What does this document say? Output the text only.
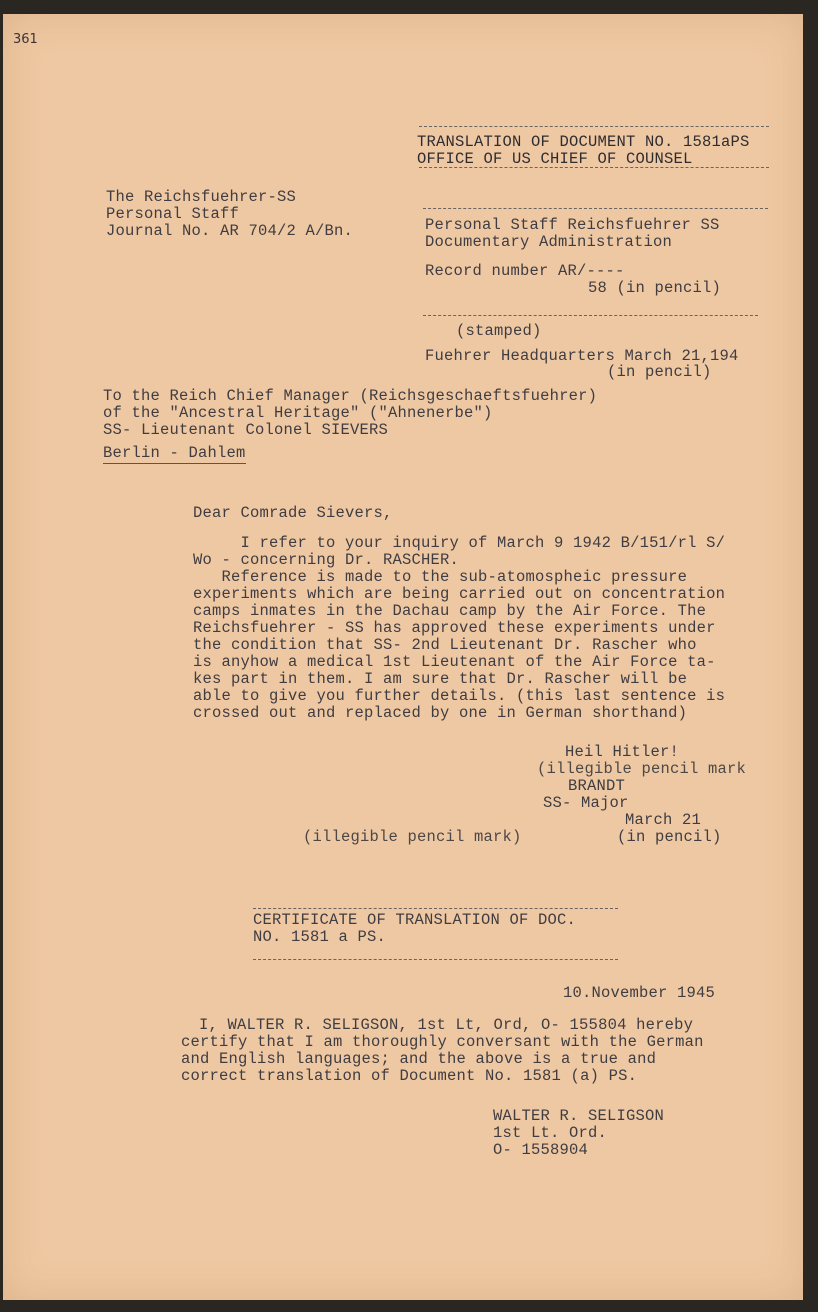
361
TRANSLATION OF DOCUMENT NO. 1581aPS
OFFICE OF US CHIEF OF COUNSEL
The Reichsfuehrer-SS
Personal Staff
Journal No. AR 704/2 A/Bn.	Personal Staff Reichsfuehrer SS
Documentary Administration
Record number AR/----
58 (in pencil)
(stamped)
Fuehrer Headquarters March 21,194
(in pencil)
To the Reich Chief Manager (Reichsgeschaeftsfuehrer)
of the "Ancestral Heritage" ("Ahnenerbe")
SS- Lieutenant Colonel SIEVERS
Berlin - Dahlem
Dear Comrade Sievers,
I refer to your inquiry of March 9 1942 B/151/rl S/
Wo - concerning Dr. RASCHER.
Reference is made to the sub-atomospheic pressure
experiments which are being carried out on concentration
camps inmates in the Dachau camp by the Air Force. The
Reichsfuehrer - SS has approved these experiments under
the condition that SS- 2nd Lieutenant Dr. Rascher who
is anyhow a medical 1st Lieutenant of the Air Force ta-
kes part in them. I am sure that Dr. Rascher will be
able to give you further details. (this last sentence is
crossed out and replaced by one in German shorthand)
Heil Hitler!
(illegible pencil mark
BRANDT
SS- Major
March 21
(in pencil)
(illegible pencil mark)
CERTIFICATE OF TRANSLATION OF DOC.
NO. 1581 a PS.
10.November 1945
I, WALTER R. SELIGSON, 1st Lt, Ord, O- 155804 hereby
certify that I am thoroughly conversant with the German
and English languages; and the above is a true and
correct translation of Document No. 1581 (a) PS.
WALTER R. SELIGSON
1st Lt. Ord.
O- 1558904
